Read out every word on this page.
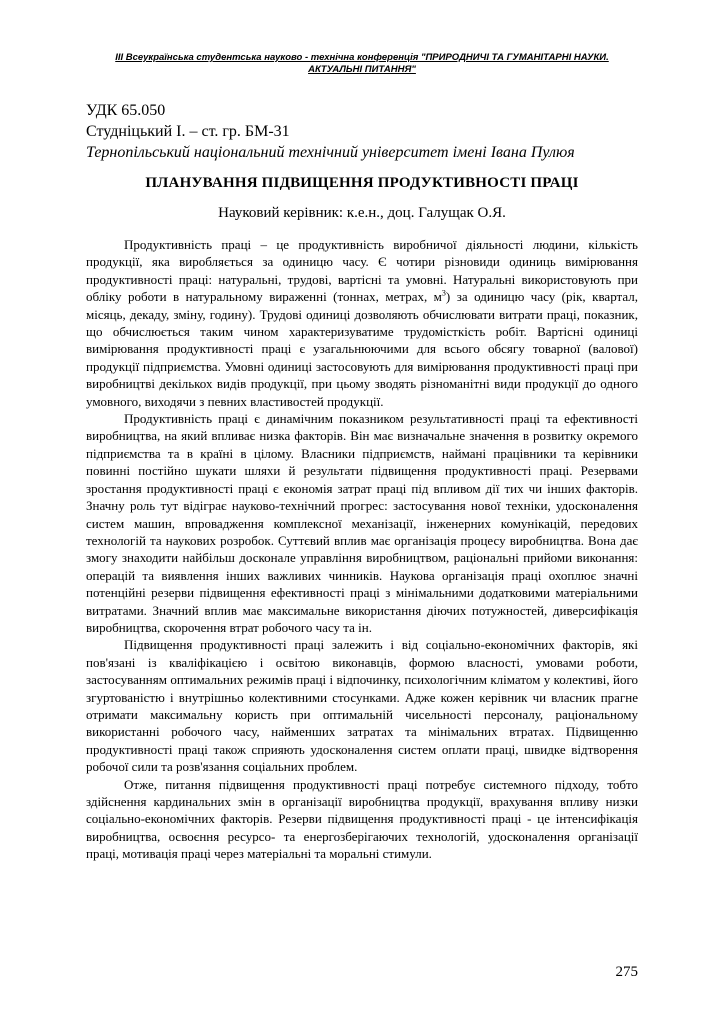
III Всеукраїнська студентська науково - технічна конференція "ПРИРОДНИЧІ ТА ГУМАНІТАРНІ НАУКИ.
АКТУАЛЬНІ ПИТАННЯ"
УДК 65.050
Студніцький І. – ст. гр. БМ-31
Тернопільський національний технічний університет імені Івана Пулюя
ПЛАНУВАННЯ ПІДВИЩЕННЯ ПРОДУКТИВНОСТІ ПРАЦІ
Науковий керівник: к.е.н., доц. Галущак О.Я.

Продуктивність праці – це продуктивність виробничої діяльності людини, кількість продукції, яка виробляється за одиницю часу. Є чотири різновиди одиниць вимірювання продуктивності праці: натуральні, трудові, вартісні та умовні. Натуральні використовують при обліку роботи в натуральному вираженні (тоннах, метрах, $м^3$) за одиницю часу (рік, квартал, місяць, декаду, зміну, годину). Трудові одиниці дозволяють обчислювати витрати праці, показник, що обчислюється таким чином характеризуватиме трудомісткість робіт. Вартісні одиниці вимірювання продуктивності праці є узагальнюючими для всього обсягу товарної (валової) продукції підприємства. Умовні одиниці застосовують для вимірювання продуктивності праці при виробництві декількох видів продукції, при цьому зводять різноманітні види продукції до одного умовного, виходячи з певних властивостей продукції.

Продуктивність праці є динамічним показником результативності праці та ефективності виробництва, на який впливає низка факторів. Він має визначальне значення в розвитку окремого підприємства та в країні в цілому. Власники підприємств, наймані працівники та керівники повинні постійно шукати шляхи й результати підвищення продуктивності праці. Резервами зростання продуктивності праці є економія затрат праці під впливом дії тих чи інших факторів. Значну роль тут відіграє науково-технічний прогрес: застосування нової техніки, удосконалення систем машин, впровадження комплексної механізації, інженерних комунікацій, передових технологій та наукових розробок. Суттєвий вплив має організація процесу виробництва. Вона дає змогу знаходити найбільш досконале управління виробництвом, раціональні прийоми виконання: операцій та виявлення інших важливих чинників. Наукова організація праці охоплює значні потенційні резерви підвищення ефективності праці з мінімальними додатковими матеріальними витратами. Значний вплив має максимальне використання діючих потужностей, диверсифікація виробництва, скорочення втрат робочого часу та ін.

Підвищення продуктивності праці залежить і від соціально-економічних факторів, які пов'язані із кваліфікацією і освітою виконавців, формою власності, умовами роботи, застосуванням оптимальних режимів праці і відпочинку, психологічним кліматом у колективі, його згуртованістю і внутрішньо колективними стосунками. Адже кожен керівник чи власник прагне отримати максимальну користь при оптимальній чисельності персоналу, раціональному використанні робочого часу, найменших затратах та мінімальних втратах. Підвищенню продуктивності праці також сприяють удосконалення систем оплати праці, швидке відтворення робочої сили та розв'язання соціальних проблем.

Отже, питання підвищення продуктивності праці потребує системного підходу, тобто здійснення кардинальних змін в організації виробництва продукції, врахування впливу низки соціально-економічних факторів. Резерви підвищення продуктивності праці - це інтенсифікація виробництва, освоєння ресурсо- та енергозберігаючих технологій, удосконалення організації праці, мотивація праці через матеріальні та моральні стимули.

275
